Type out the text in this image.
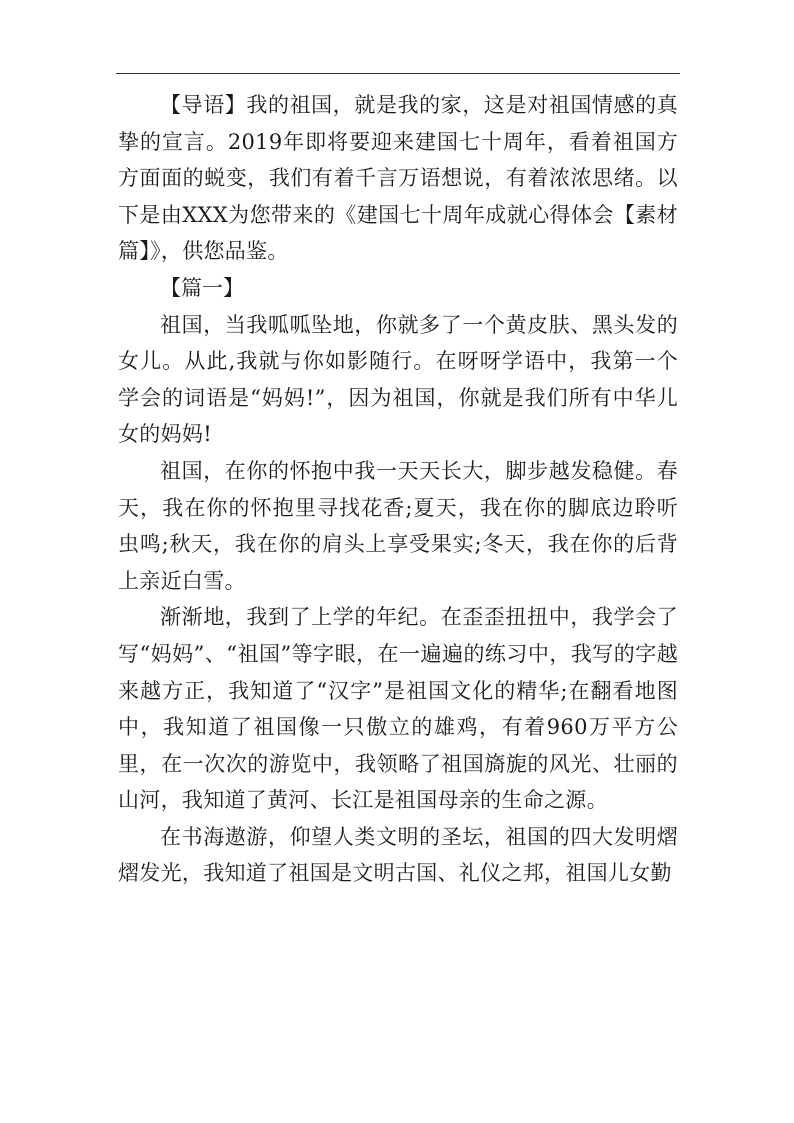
【导语】我的祖国，就是我的家，这是对祖国情感的真挚的宣言。2019年即将要迎来建国七十周年，看着祖国方方面面的蜕变，我们有着千言万语想说，有着浓浓思绪。以下是由XXX为您带来的《建国七十周年成就心得体会【素材篇】》，供您品鉴。

【篇一】

祖国，当我呱呱坠地，你就多了一个黄皮肤、黑头发的女儿。从此,我就与你如影随行。在呀呀学语中，我第一个学会的词语是“妈妈!”，因为祖国，你就是我们所有中华儿女的妈妈!

祖国，在你的怀抱中我一天天长大，脚步越发稳健。春天，我在你的怀抱里寻找花香;夏天，我在你的脚底边聆听虫鸣;秋天，我在你的肩头上享受果实;冬天，我在你的后背上亲近白雪。

渐渐地，我到了上学的年纪。在歪歪扭扭中，我学会了写“妈妈”、“祖国”等字眼，在一遍遍的练习中，我写的字越来越方正，我知道了“汉字”是祖国文化的精华;在翻看地图中，我知道了祖国像一只傲立的雄鸡，有着960万平方公里，在一次次的游览中，我领略了祖国旖旎的风光、壮丽的山河，我知道了黄河、长江是祖国母亲的生命之源。

在书海遨游，仰望人类文明的圣坛，祖国的四大发明熠熠发光，我知道了祖国是文明古国、礼仪之邦，祖国儿女勤
